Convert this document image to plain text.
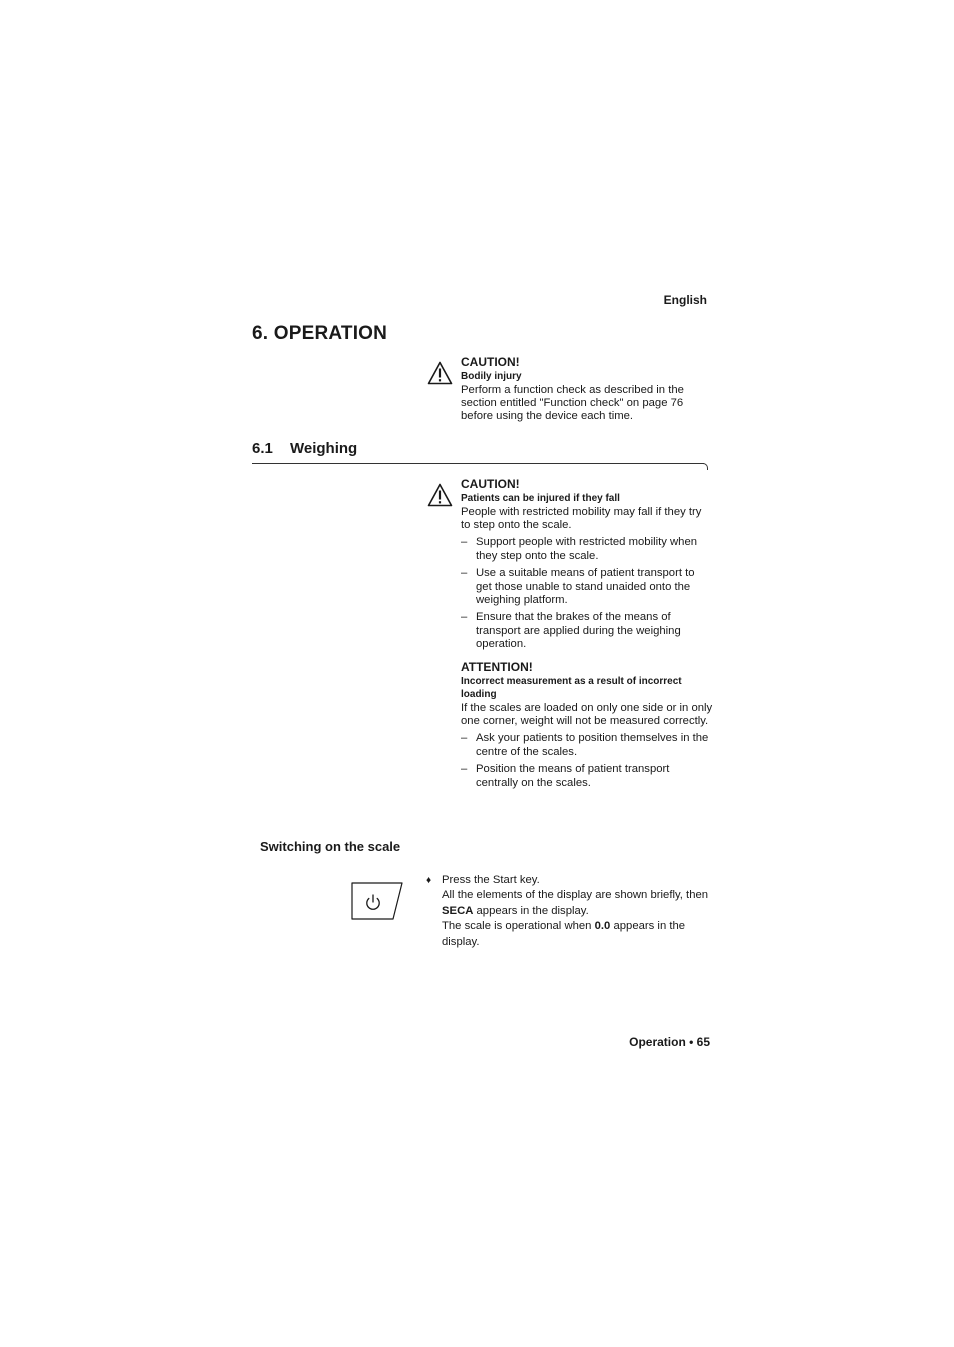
English
6. OPERATION
CAUTION!
Bodily injury

Perform a function check as described in the section entitled "Function check" on page 76 before using the device each time.

6.1 Weighing
CAUTION!
Patients can be injured if they fall

People with restricted mobility may fall if they try to step onto the scale.

– Support people with restricted mobility when they step onto the scale.
– Use a suitable means of patient transport to get those unable to stand unaided onto the weighing platform.
– Ensure that the brakes of the means of transport are applied during the weighing operation.
ATTENTION!
Incorrect measurement as a result of incorrect loading

If the scales are loaded on only one side or in only one corner, weight will not be measured correctly.

– Ask your patients to position themselves in the centre of the scales.
– Position the means of patient transport centrally on the scales.
Switching on the scale
♦ Press the Start key.

All the elements of the display are shown briefly, then SECA appears in the display.

The scale is operational when 0.0 appears in the display.

Operation • 65
